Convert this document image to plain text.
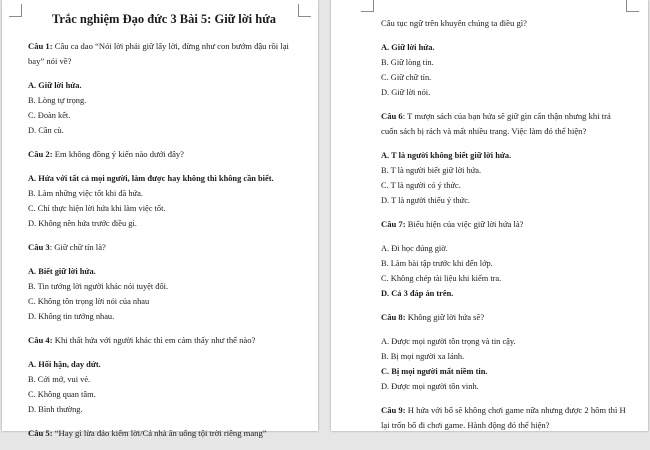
Trắc nghiệm Đạo đức 3 Bài 5: Giữ lời hứa
Câu 1: Câu ca dao “Nói lời phải giữ lấy lời, đừng như con bướm đậu rồi lại bay” nói về?
A. Giữ lời hứa.
B. Lòng tự trọng.
C. Đoàn kết.
D. Cần cù.
Câu 2: Em không đồng ý kiến nào dưới đây?
A. Hứa với tất cả mọi người, làm được hay không thì không cần biết.
B. Làm những việc tốt khi đã hứa.
C. Chỉ thực hiện lời hứa khi làm việc tốt.
D. Không nên hứa trước điều gì.
Câu 3: Giữ chữ tín là?
A. Biết giữ lời hứa.
B. Tin tưởng lời người khác nói tuyệt đối.
C. Không tôn trọng lời nói của nhau
D. Không tin tưởng nhau.
Câu 4: Khi thất hứa với người khác thì em cảm thấy như thế nào?
A. Hối hận, day dứt.
B. Cởi mở, vui vẻ.
C. Không quan tâm.
D. Bình thường.
Câu 5: “Hay gì lừa đảo kiếm lời/Cả nhà ăn uống tội trời riêng mang”
Câu tục ngữ trên khuyên chúng ta điều gì?
A. Giữ lời hứa.
B. Giữ lòng tin.
C. Giữ chữ tín.
D. Giữ lời nói.
Câu 6: T mượn sách của bạn hứa sẽ giữ gìn cẩn thận nhưng khi trả cuốn sách bị rách và mất nhiều trang. Việc làm đó thể hiện?
A. T là người không biết giữ lời hứa.
B. T là người biết giữ lời hứa.
C. T là người có ý thức.
D. T là người thiếu ý thức.
Câu 7: Biểu hiện của việc giữ lời hứa là?
A. Đi học đúng giờ.
B. Làm bài tập trước khi đến lớp.
C. Không chép tài liệu khi kiểm tra.
D. Cả 3 đáp án trên.
Câu 8: Không giữ lời hứa sẽ?
A. Được mọi người tôn trọng và tin cậy.
B. Bị mọi người xa lánh.
C. Bị mọi người mất niềm tin.
D. Được mọi người tôn vinh.
Câu 9: H hứa với bố sẽ không chơi game nữa nhưng được 2 hôm thì H lại trốn bố đi chơi game. Hành động đó thể hiện?
